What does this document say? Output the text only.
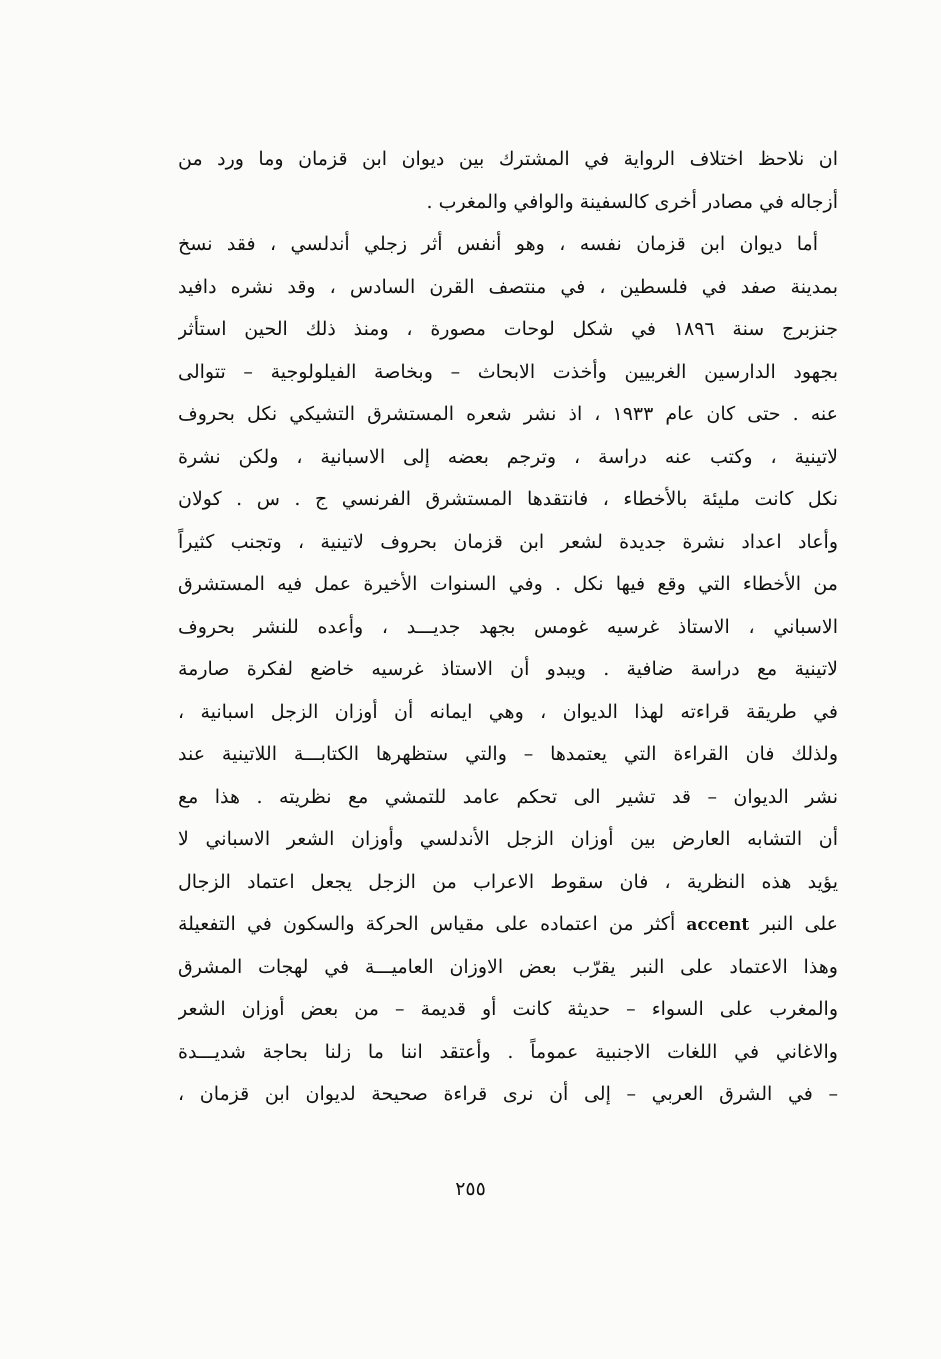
ان نلاحظ اختلاف الرواية في المشترك بين ديوان ابن قزمان وما ورد من
أزجاله في مصادر أخرى كالسفينة والوافي والمغرب .
أما ديوان ابن قزمان نفسه ، وهو أنفس أثر زجلي أندلسي ، فقد نسخ
بمدينة صفد في فلسطين ، في منتصف القرن السادس ، وقد نشره دافيد
جنزبرج سنة ١٨٩٦ في شكل لوحات مصورة ، ومنذ ذلك الحين استأثر
بجهود الدارسين الغربيين وأخذت الابحاث – وبخاصة الفيلولوجية – تتوالى
عنه . حتى كان عام ١٩٣٣ ، اذ نشر شعره المستشرق التشيكي نكل بحروف
لاتينية ، وكتب عنه دراسة ، وترجم بعضه إلى الاسبانية ، ولكن نشرة
نكل كانت مليئة بالأخطاء ، فانتقدها المستشرق الفرنسي ج . س . كولان
وأعاد اعداد نشرة جديدة لشعر ابن قزمان بحروف لاتينية ، وتجنب كثيراً
من الأخطاء التي وقع فيها نكل . وفي السنوات الأخيرة عمل فيه المستشرق
الاسباني ، الاستاذ غرسيه غومس بجهد جديـــد ، وأعده للنشر بحروف
لاتينية مع دراسة ضافية . ويبدو أن الاستاذ غرسيه خاضع لفكرة صارمة
في طريقة قراءته لهذا الديوان ، وهي ايمانه أن أوزان الزجل اسبانية ،
ولذلك فان القراءة التي يعتمدها – والتي ستظهرها الكتابـــة اللاتينية عند
نشر الديوان – قد تشير الى تحكم عامد للتمشي مع نظريته . هذا مع
أن التشابه العارض بين أوزان الزجل الأندلسي وأوزان الشعر الاسباني لا
يؤيد هذه النظرية ، فان سقوط الاعراب من الزجل يجعل اعتماد الزجال
على النبر accent أكثر من اعتماده على مقياس الحركة والسكون في التفعيلة
وهذا الاعتماد على النبر يقرّب بعض الاوزان العاميـــة في لهجات المشرق
والمغرب على السواء – حديثة كانت أو قديمة – من بعض أوزان الشعر
والاغاني في اللغات الاجنبية عموماً . وأعتقد اننا ما زلنا بحاجة شديـــدة
– في الشرق العربي – إلى أن نرى قراءة صحيحة لديوان ابن قزمان ،
٢٥٥
